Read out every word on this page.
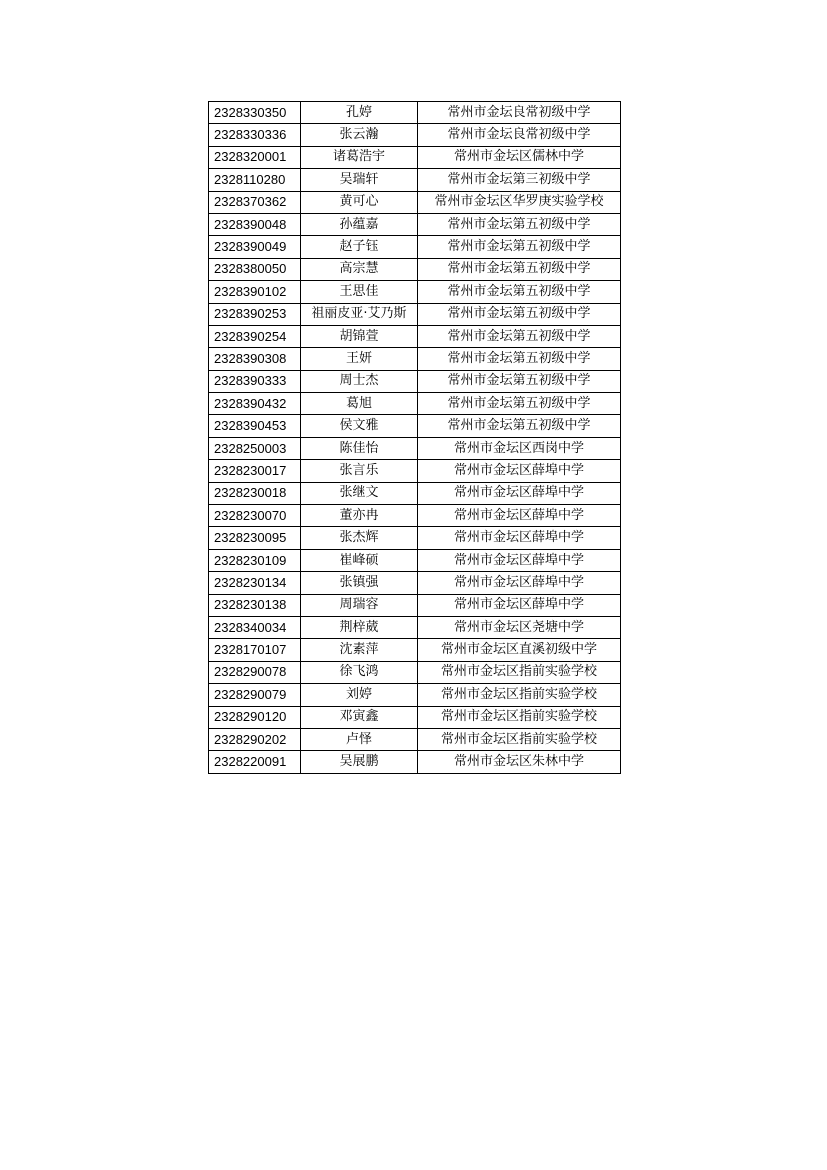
2328330350	孔婷	常州市金坛良常初级中学
2328330336	张云瀚	常州市金坛良常初级中学
2328320001	诸葛浩宇	常州市金坛区儒林中学
2328110280	吴瑞轩	常州市金坛第三初级中学
2328370362	黄可心	常州市金坛区华罗庚实验学校
2328390048	孙蕴嘉	常州市金坛第五初级中学
2328390049	赵子钰	常州市金坛第五初级中学
2328380050	高宗慧	常州市金坛第五初级中学
2328390102	王思佳	常州市金坛第五初级中学
2328390253	祖丽皮亚·艾乃斯	常州市金坛第五初级中学
2328390254	胡锦萱	常州市金坛第五初级中学
2328390308	王妍	常州市金坛第五初级中学
2328390333	周士杰	常州市金坛第五初级中学
2328390432	葛旭	常州市金坛第五初级中学
2328390453	侯文雅	常州市金坛第五初级中学
2328250003	陈佳怡	常州市金坛区西岗中学
2328230017	张言乐	常州市金坛区薛埠中学
2328230018	张继文	常州市金坛区薛埠中学
2328230070	董亦冉	常州市金坛区薛埠中学
2328230095	张杰辉	常州市金坛区薛埠中学
2328230109	崔峰硕	常州市金坛区薛埠中学
2328230134	张镇强	常州市金坛区薛埠中学
2328230138	周瑞容	常州市金坛区薛埠中学
2328340034	荆梓葳	常州市金坛区尧塘中学
2328170107	沈素萍	常州市金坛区直溪初级中学
2328290078	徐飞鸿	常州市金坛区指前实验学校
2328290079	刘婷	常州市金坛区指前实验学校
2328290120	邓寅鑫	常州市金坛区指前实验学校
2328290202	卢怿	常州市金坛区指前实验学校
2328220091	吴展鹏	常州市金坛区朱林中学
